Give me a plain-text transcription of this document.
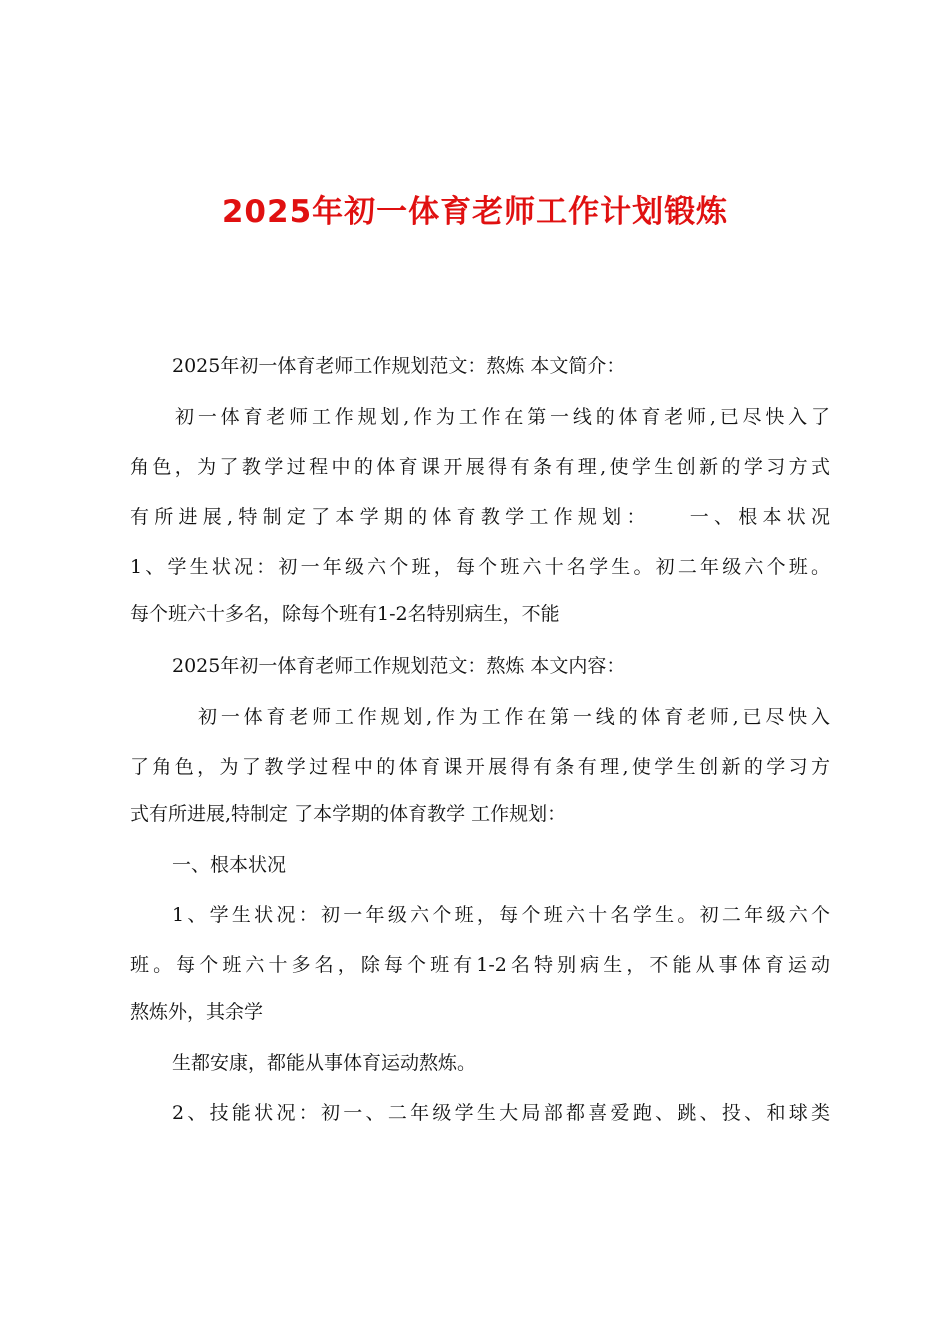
2025年初一体育老师工作计划锻炼

2025年初一体育老师工作规划范文：熬炼 本文简介：

初一体育老师工作规划,作为工作在第一线的体育老师,已尽快入了

角色，为了教学过程中的体育课开展得有条有理,使学生创新的学习方式

有所进展,特制定了本学期的体育教学工作规划：　　一、根本状况

1、学生状况：初一年级六个班，每个班六十名学生。初二年级六个班。

每个班六十多名，除每个班有1-2名特别病生，不能

2025年初一体育老师工作规划范文：熬炼 本文内容：

初一体育老师工作规划,作为工作在第一线的体育老师,已尽快入

了角色，为了教学过程中的体育课开展得有条有理,使学生创新的学习方

式有所进展,特制定 了本学期的体育教学 工作规划：

一、根本状况

1、学生状况：初一年级六个班，每个班六十名学生。初二年级六个

班。每个班六十多名，除每个班有1-2名特别病生，不能从事体育运动

熬炼外，其余学

生都安康，都能从事体育运动熬炼。

2、技能状况：初一、二年级学生大局部都喜爱跑、跳、投、和球类
